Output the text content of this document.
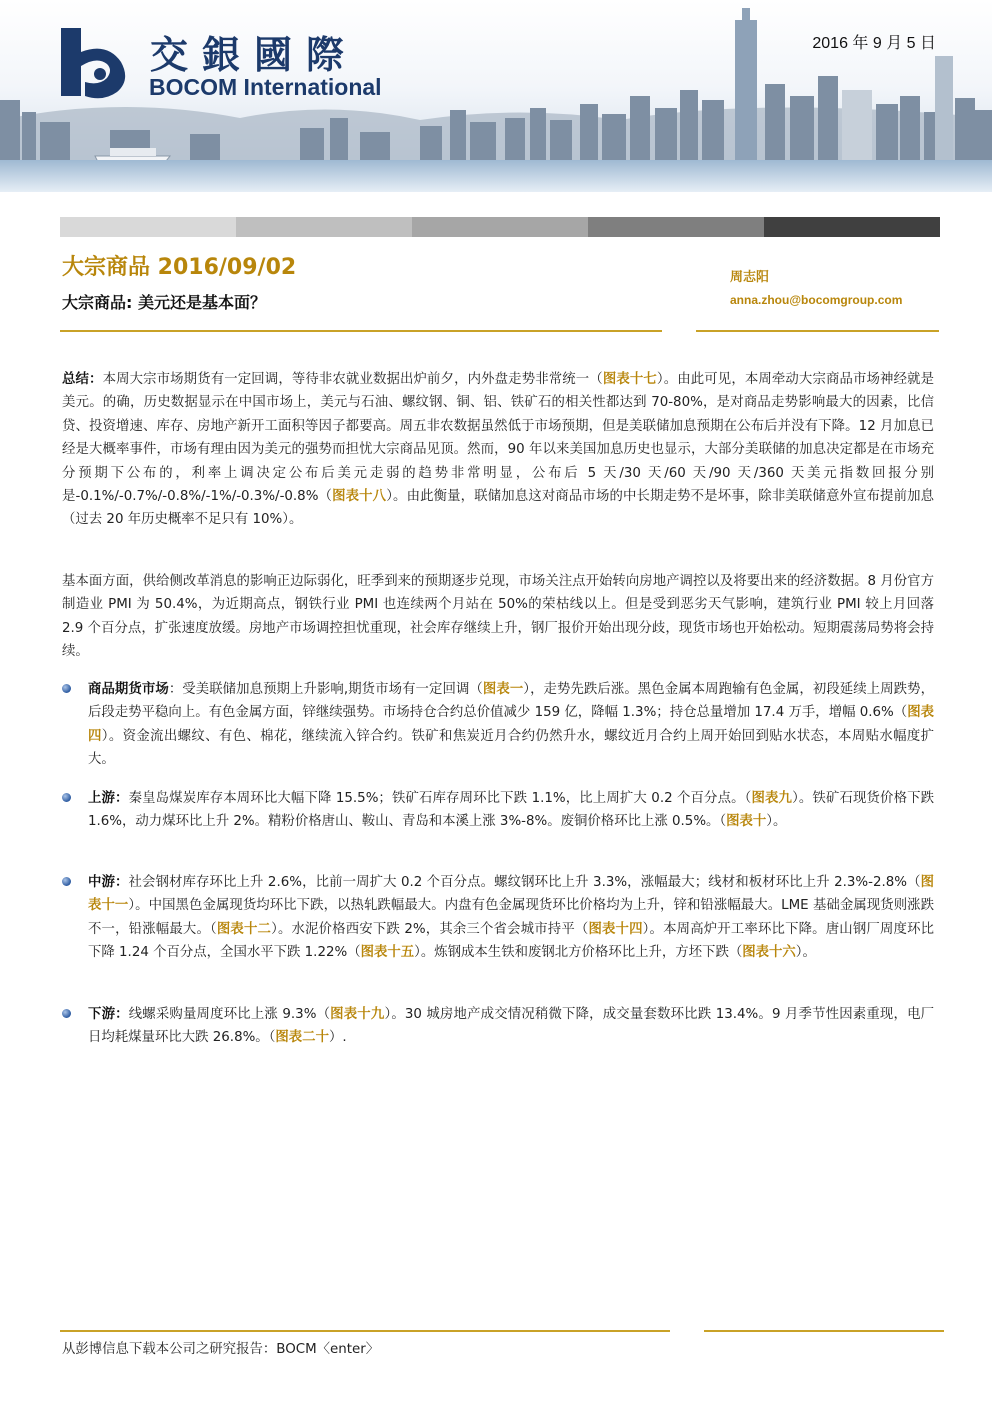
交銀國際
BOCOM International
2016 年 9 月 5 日
大宗商品 2016/09/02
大宗商品: 美元还是基本面？
周志阳
anna.zhou@bocomgroup.com
总结：本周大宗市场期货有一定回调，等待非农就业数据出炉前夕，内外盘走势非常统一（图表十七）。由此可见，本周牵动大宗商品市场神经就是美元。的确，历史数据显示在中国市场上，美元与石油、螺纹钢、铜、铝、铁矿石的相关性都达到 70-80%，是对商品走势影响最大的因素，比信贷、投资增速、库存、房地产新开工面积等因子都要高。周五非农数据虽然低于市场预期，但是美联储加息预期在公布后并没有下降。12 月加息已经是大概率事件，市场有理由因为美元的强势而担忧大宗商品见顶。然而，90 年以来美国加息历史也显示，大部分美联储的加息决定都是在市场充分预期下公布的，利率上调决定公布后美元走弱的趋势非常明显，公布后 5 天/30 天/60 天/90 天/360 天美元指数回报分别是-0.1%/-0.7%/-0.8%/-1%/-0.3%/-0.8%（图表十八）。由此衡量，联储加息这对商品市场的中长期走势不是坏事，除非美联储意外宣布提前加息（过去 20 年历史概率不足只有 10%）。
基本面方面，供给侧改革消息的影响正边际弱化，旺季到来的预期逐步兑现，市场关注点开始转向房地产调控以及将要出来的经济数据。8 月份官方制造业 PMI 为 50.4%，为近期高点，钢铁行业 PMI 也连续两个月站在 50%的荣枯线以上。但是受到恶劣天气影响，建筑行业 PMI 较上月回落 2.9 个百分点，扩张速度放缓。房地产市场调控担忧重现，社会库存继续上升，钢厂报价开始出现分歧，现货市场也开始松动。短期震荡局势将会持续。
商品期货市场：受美联储加息预期上升影响,期货市场有一定回调（图表一），走势先跌后涨。黑色金属本周跑输有色金属，初段延续上周跌势，后段走势平稳向上。有色金属方面，锌继续强势。市场持仓合约总价值减少 159 亿，降幅 1.3%；持仓总量增加 17.4 万手，增幅 0.6%（图表四）。资金流出螺纹、有色、棉花，继续流入锌合约。铁矿和焦炭近月合约仍然升水，螺纹近月合约上周开始回到贴水状态，本周贴水幅度扩大。
上游：秦皇岛煤炭库存本周环比大幅下降 15.5%；铁矿石库存周环比下跌 1.1%，比上周扩大 0.2 个百分点。（图表九）。铁矿石现货价格下跌 1.6%，动力煤环比上升 2%。精粉价格唐山、鞍山、青岛和本溪上涨 3%-8%。废铜价格环比上涨 0.5%。（图表十）。
中游：社会钢材库存环比上升 2.6%，比前一周扩大 0.2 个百分点。螺纹钢环比上升 3.3%，涨幅最大；线材和板材环比上升 2.3%-2.8%（图表十一）。中国黑色金属现货均环比下跌，以热轧跌幅最大。内盘有色金属现货环比价格均为上升，锌和铅涨幅最大。LME 基础金属现货则涨跌不一，铅涨幅最大。（图表十二）。水泥价格西安下跌 2%，其余三个省会城市持平（图表十四）。本周高炉开工率环比下降。唐山钢厂周度环比下降 1.24 个百分点，全国水平下跌 1.22%（图表十五）。炼钢成本生铁和废钢北方价格环比上升，方坯下跌（图表十六）。
下游：线螺采购量周度环比上涨 9.3%（图表十九）。30 城房地产成交情况稍微下降，成交量套数环比跌 13.4%。9 月季节性因素重现，电厂日均耗煤量环比大跌 26.8%。（图表二十）.
从彭博信息下载本公司之研究报告：BOCM〈enter〉
